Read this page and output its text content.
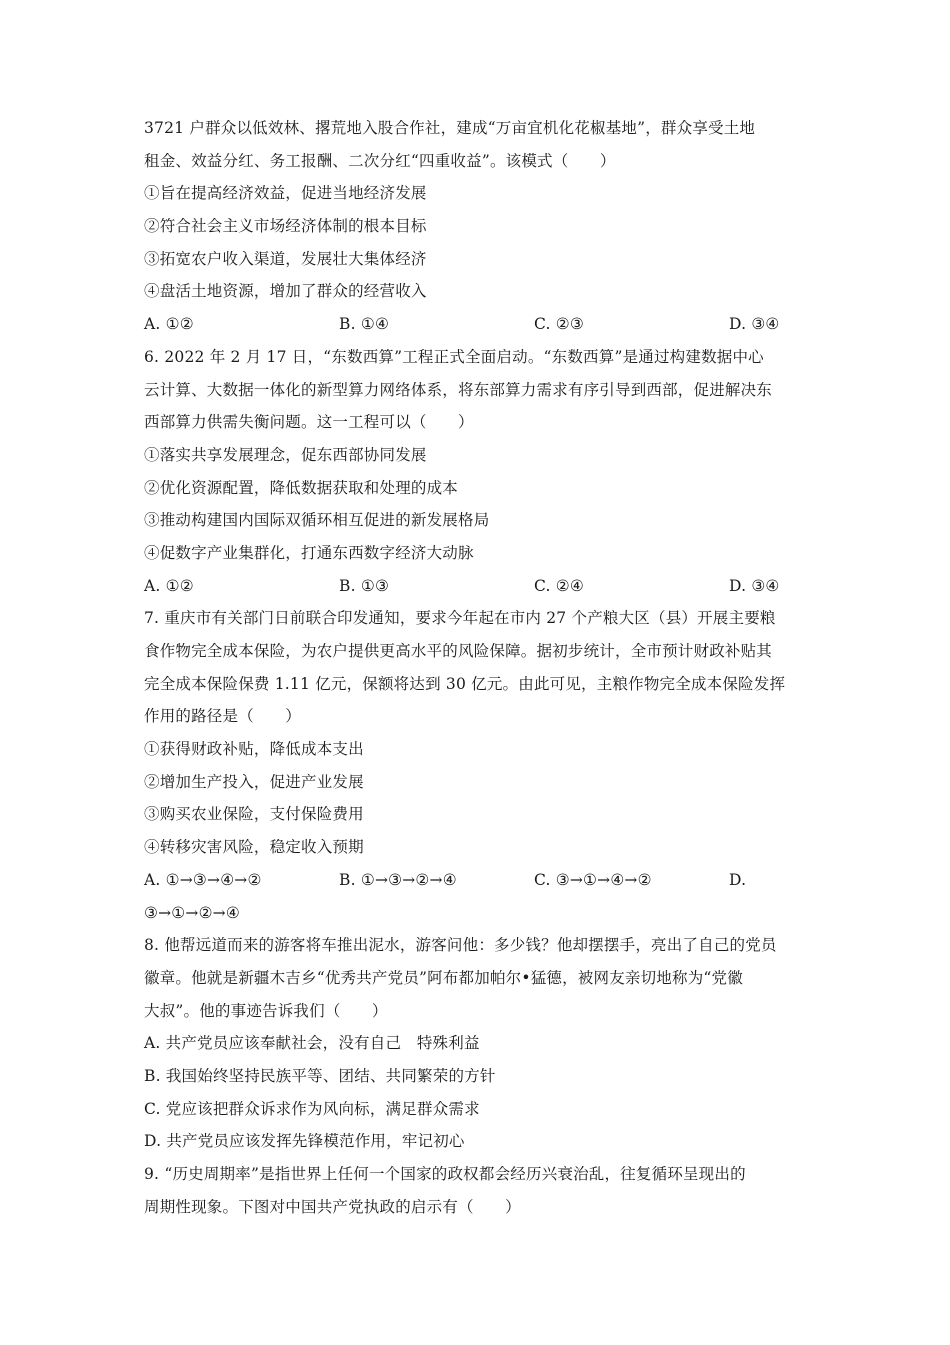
3721 户群众以低效林、撂荒地入股合作社，建成“万亩宜机化花椒基地”，群众享受土地
租金、效益分红、务工报酬、二次分红“四重收益”。该模式（　　）
①旨在提高经济效益，促进当地经济发展
②符合社会主义市场经济体制的根本目标
③拓宽农户收入渠道，发展壮大集体经济
④盘活土地资源，增加了群众的经营收入
A. ①②	B. ①④	C. ②③	D. ③④
6. 2022 年 2 月 17 日，“东数西算”工程正式全面启动。“东数西算”是通过构建数据中心
云计算、大数据一体化的新型算力网络体系，将东部算力需求有序引导到西部，促进解决东
西部算力供需失衡问题。这一工程可以（　　）
①落实共享发展理念，促东西部协同发展
②优化资源配置，降低数据获取和处理的成本
③推动构建国内国际双循环相互促进的新发展格局
④促数字产业集群化，打通东西数字经济大动脉
A. ①②	B. ①③	C. ②④	D. ③④
7. 重庆市有关部门日前联合印发通知，要求今年起在市内 27 个产粮大区（县）开展主要粮
食作物完全成本保险，为农户提供更高水平的风险保障。据初步统计，全市预计财政补贴其
完全成本保险保费 1.11 亿元，保额将达到 30 亿元。由此可见，主粮作物完全成本保险发挥
作用的路径是（　　）
①获得财政补贴，降低成本支出
②增加生产投入，促进产业发展
③购买农业保险，支付保险费用
④转移灾害风险，稳定收入预期
A. ①→③→④→②	B. ①→③→②→④	C. ③→①→④→②	D.
③→①→②→④
8. 他帮远道而来的游客将车推出泥水，游客问他：多少钱？他却摆摆手，亮出了自己的党员
徽章。他就是新疆木吉乡“优秀共产党员”阿布都加帕尔•猛德，被网友亲切地称为“党徽
大叔”。他的事迹告诉我们（　　）
A. 共产党员应该奉献社会，没有自己　特殊利益
B. 我国始终坚持民族平等、团结、共同繁荣的方针
C. 党应该把群众诉求作为风向标，满足群众需求
D. 共产党员应该发挥先锋模范作用，牢记初心
9. “历史周期率”是指世界上任何一个国家的政权都会经历兴衰治乱，往复循环呈现出的
周期性现象。下图对中国共产党执政的启示有（　　）
